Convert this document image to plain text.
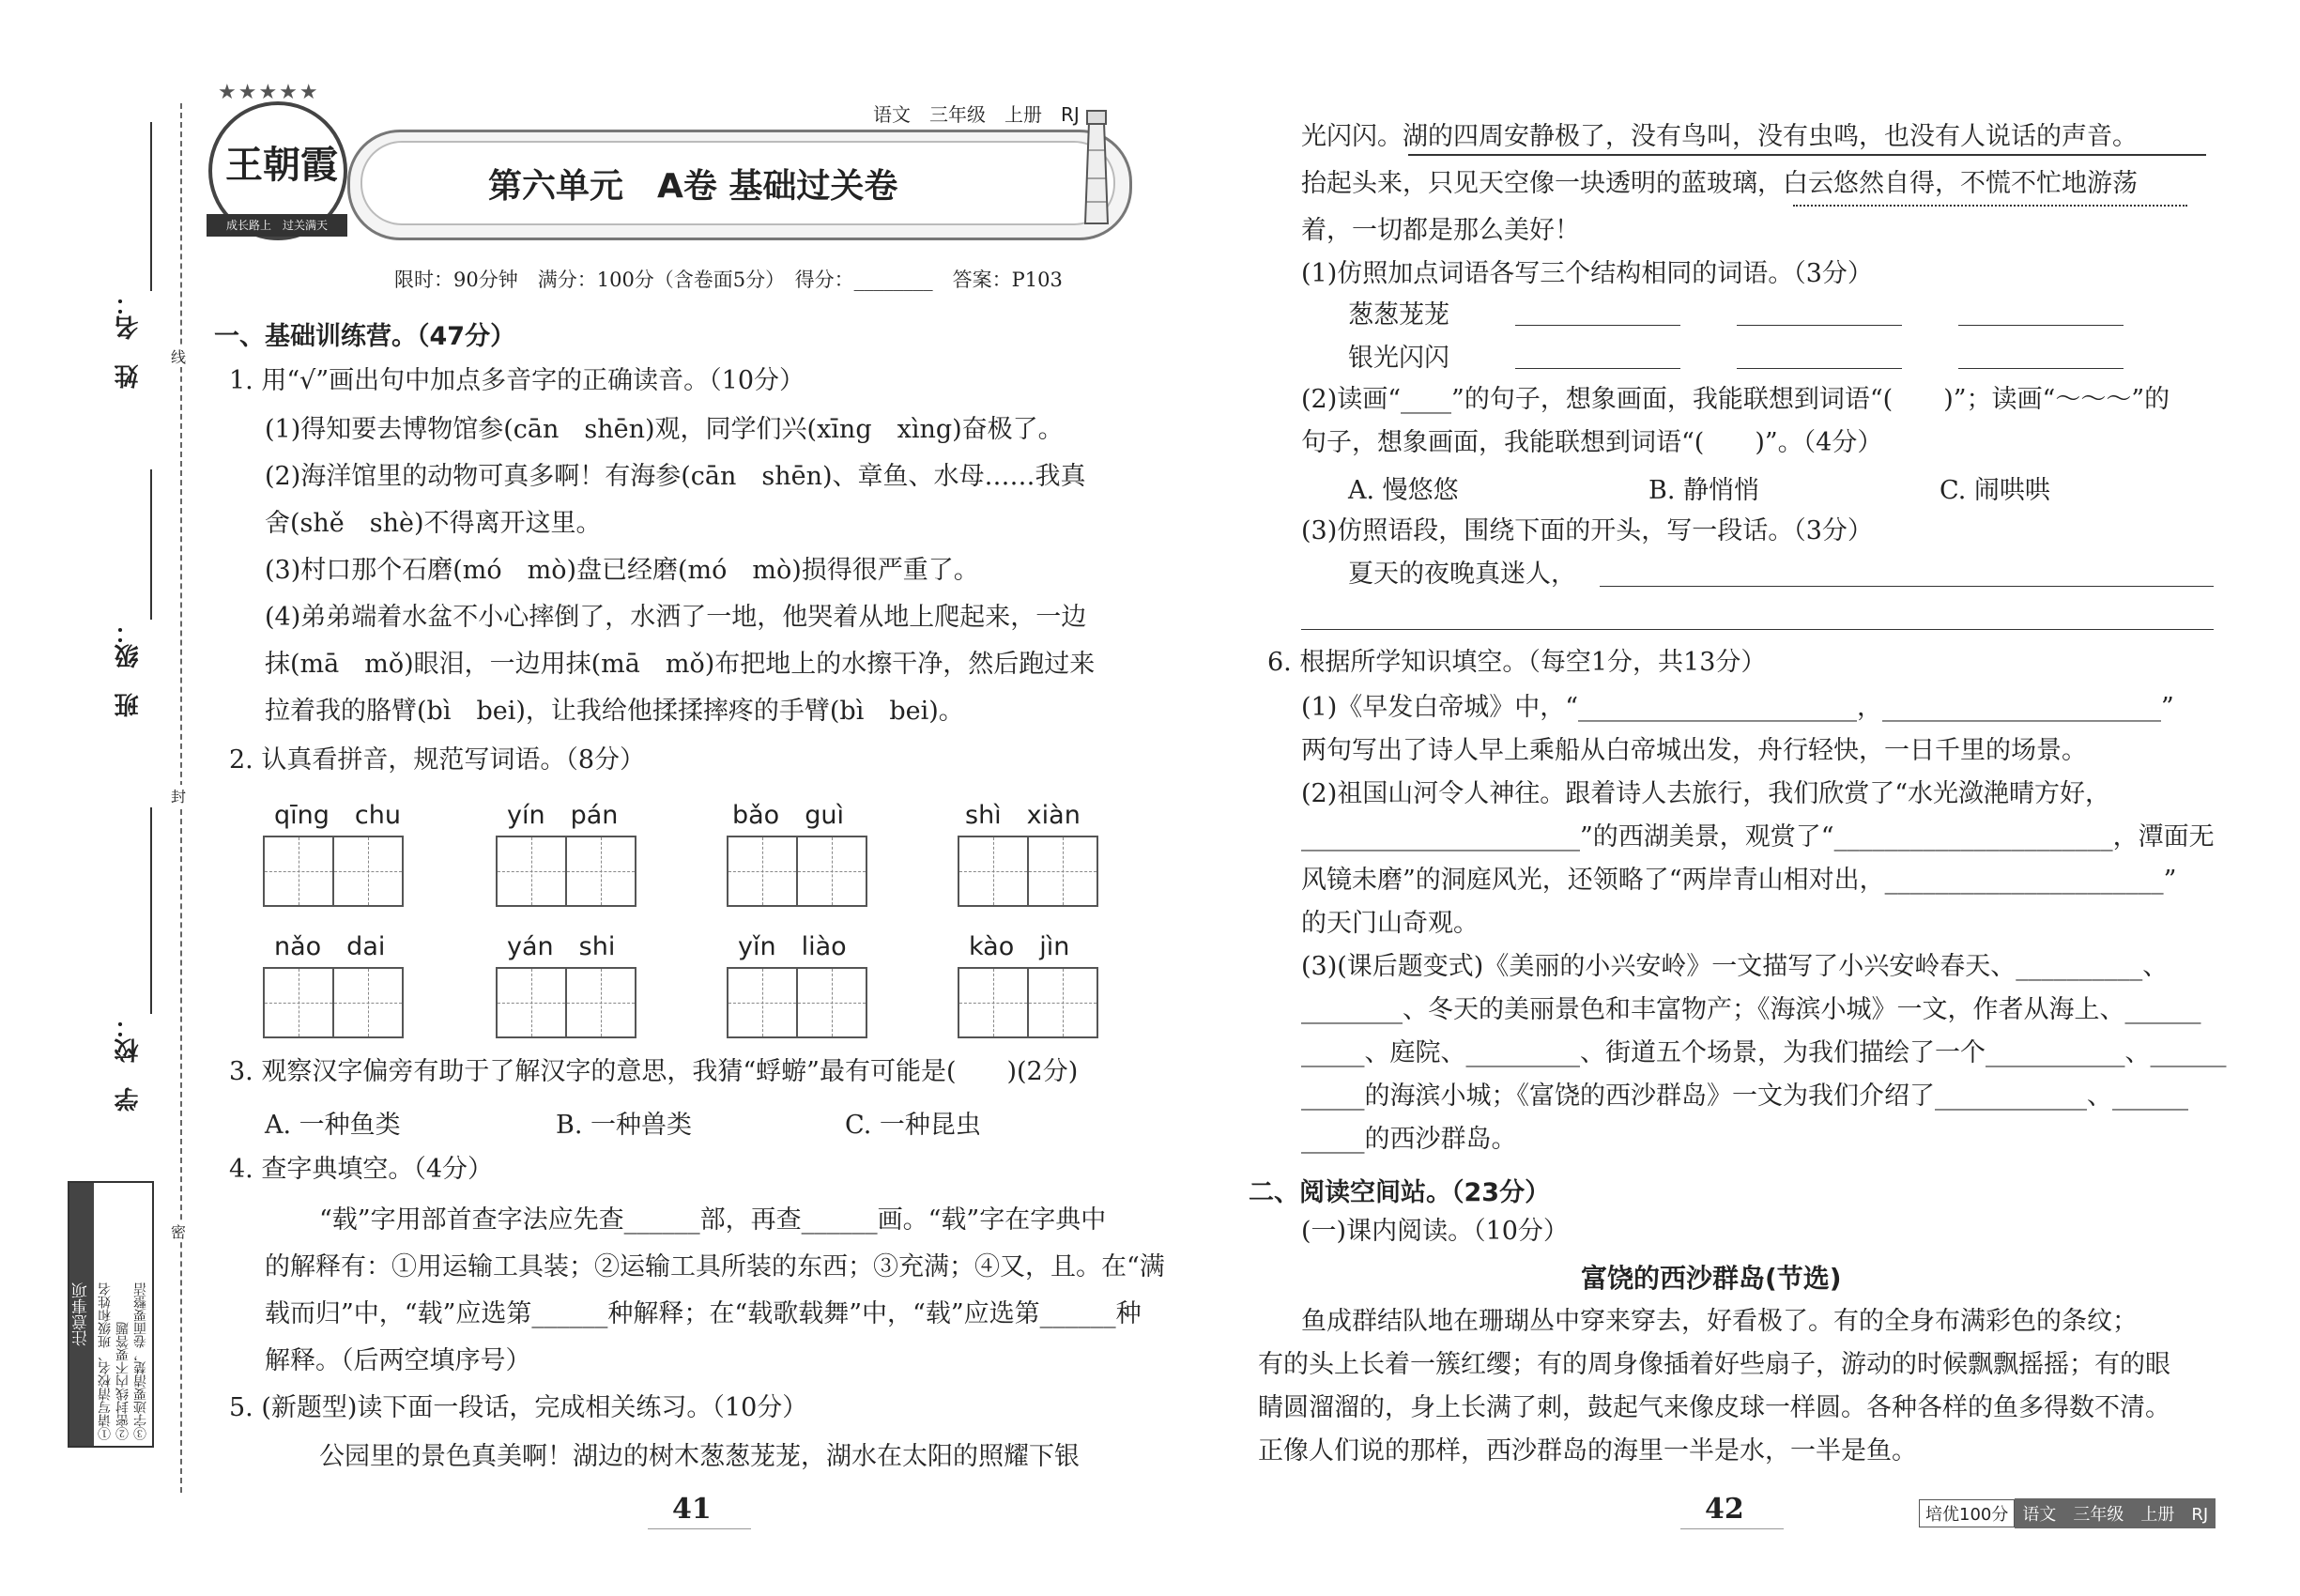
姓　名：
班　级：
学　校：
线
封
密
注意事项 ①请写清校名、班级和姓名 ②密封线内不要答题 ③字迹要清楚，卷面要整洁
★★★★★
王朝霞
成长路上　过关满天
语文　三年级　上册　RJ
第六单元　A卷 基础过关卷
限时：90分钟　满分：100分（含卷面5分）　得分：________　答案：P103
一、基础训练营。（47分）
1. 用“√”画出句中加点多音字的正确读音。（10分）
(1)得知要去博物馆参(cān　shēn)观，同学们兴(xīng　xìng)奋极了。
(2)海洋馆里的动物可真多啊！有海参(cān　shēn)、章鱼、水母……我真
舍(shě　shè)不得离开这里。
(3)村口那个石磨(mó　mò)盘已经磨(mó　mò)损得很严重了。
(4)弟弟端着水盆不小心摔倒了，水洒了一地，他哭着从地上爬起来，一边
抹(mā　mǒ)眼泪，一边用抹(mā　mǒ)布把地上的水擦干净，然后跑过来
拉着我的胳臂(bì　bei)，让我给他揉揉摔疼的手臂(bì　bei)。
2. 认真看拼音，规范写词语。（8分）
qīng　chu	yín　pán	bǎo　guì	shì　xiàn
nǎo　dai	yán　shi	yǐn　liào	kào　jìn
3. 观察汉字偏旁有助于了解汉字的意思，我猜“蜉蝣”最有可能是(　　)(2分)
A. 一种鱼类	B. 一种兽类	C. 一种昆虫
4. 查字典填空。（4分）
“载”字用部首查字法应先查______部，再查______画。“载”字在字典中
的解释有：①用运输工具装；②运输工具所装的东西；③充满；④又，且。在“满
载而归”中，“载”应选第______种解释；在“载歌载舞”中，“载”应选第______种
解释。（后两空填序号）
5. (新题型)读下面一段话，完成相关练习。（10分）
公园里的景色真美啊！湖边的树木葱葱茏茏，湖水在太阳的照耀下银
41
光闪闪。湖的四周安静极了，没有鸟叫，没有虫鸣，也没有人说话的声音。
抬起头来，只见天空像一块透明的蓝玻璃，白云悠然自得，不慌不忙地游荡
着，一切都是那么美好！
(1)仿照加点词语各写三个结构相同的词语。（3分）
葱葱茏茏
银光闪闪
(2)读画“____”的句子，想象画面，我能联想到词语“(　　)”；读画“～～～”的
句子，想象画面，我能联想到词语“(　　)”。（4分）
A. 慢悠悠	B. 静悄悄	C. 闹哄哄
(3)仿照语段，围绕下面的开头，写一段话。（3分）
夏天的夜晚真迷人，
6. 根据所学知识填空。（每空1分，共13分）
(1)《早发白帝城》中，“______________________，______________________”
两句写出了诗人早上乘船从白帝城出发，舟行轻快，一日千里的场景。
(2)祖国山河令人神往。跟着诗人去旅行，我们欣赏了“水光潋滟晴方好，
______________________”的西湖美景，观赏了“______________________，潭面无
风镜未磨”的洞庭风光，还领略了“两岸青山相对出，______________________”
的天门山奇观。
(3)(课后题变式)《美丽的小兴安岭》一文描写了小兴安岭春天、__________、
________、冬天的美丽景色和丰富物产；《海滨小城》一文，作者从海上、______
_____、庭院、_________、街道五个场景，为我们描绘了一个___________、______
_____的海滨小城；《富饶的西沙群岛》一文为我们介绍了____________、______
_____的西沙群岛。
二、阅读空间站。（23分）
(一)课内阅读。（10分）
富饶的西沙群岛(节选)
鱼成群结队地在珊瑚丛中穿来穿去，好看极了。有的全身布满彩色的条纹；
有的头上长着一簇红缨；有的周身像插着好些扇子，游动的时候飘飘摇摇；有的眼
睛圆溜溜的，身上长满了刺，鼓起气来像皮球一样圆。各种各样的鱼多得数不清。
正像人们说的那样，西沙群岛的海里一半是水，一半是鱼。
42	培优100分 语文　三年级　上册　RJ
